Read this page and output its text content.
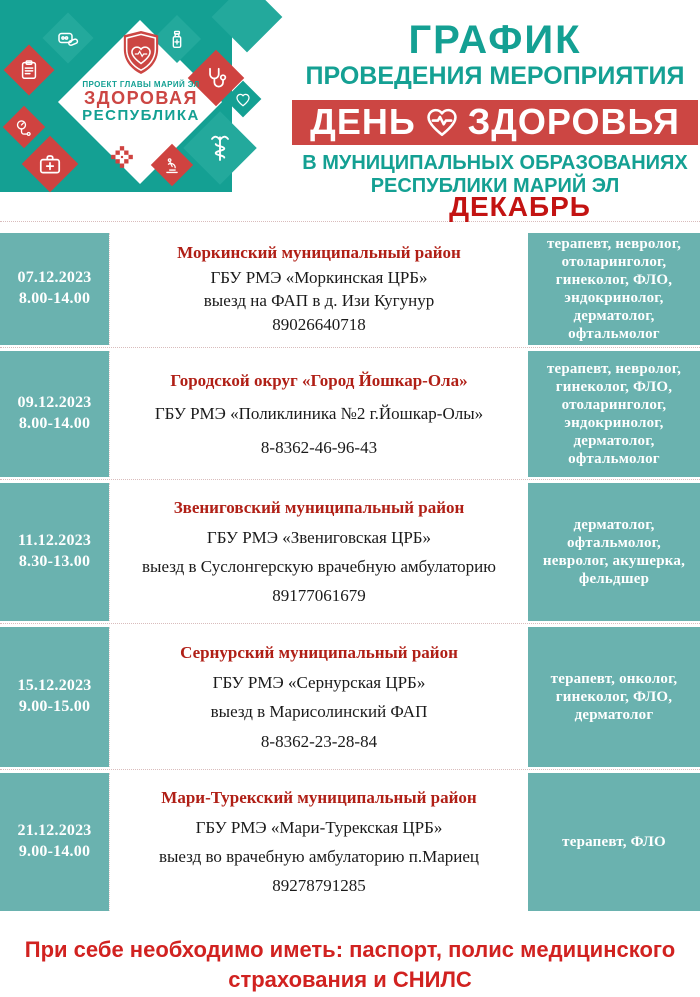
ПРОЕКТ ГЛАВЫ МАРИЙ ЭЛ
ЗДОРОВАЯ
РЕСПУБЛИКА
ГРАФИК
ПРОВЕДЕНИЯ МЕРОПРИЯТИЯ
ДЕНЬ ЗДОРОВЬЯ
В МУНИЦИПАЛЬНЫХ ОБРАЗОВАНИЯХ
РЕСПУБЛИКИ МАРИЙ ЭЛ
ДЕКАБРЬ
07.12.2023
8.00-14.00
Моркинский муниципальный район
ГБУ РМЭ «Моркинская ЦРБ»
выезд на ФАП в д. Изи Кугунур
89026640718
терапевт, невролог, отоларинголог, гинеколог, ФЛО, эндокринолог, дерматолог, офтальмолог
09.12.2023
8.00-14.00
Городской округ «Город Йошкар-Ола»
ГБУ РМЭ «Поликлиника №2 г.Йошкар-Олы»
8-8362-46-96-43
терапевт, невролог, гинеколог, ФЛО, отоларинголог, эндокринолог, дерматолог, офтальмолог
11.12.2023
8.30-13.00
Звениговский муниципальный район
ГБУ РМЭ «Звениговская ЦРБ»
выезд в Суслонгерскую врачебную амбулаторию
89177061679
дерматолог, офтальмолог, невролог, акушерка, фельдшер
15.12.2023
9.00-15.00
Сернурский муниципальный район
ГБУ РМЭ «Сернурская ЦРБ»
выезд в Марисолинский ФАП
8-8362-23-28-84
терапевт, онколог, гинеколог, ФЛО, дерматолог
21.12.2023
9.00-14.00
Мари-Турекский муниципальный район
ГБУ РМЭ «Мари-Турекская ЦРБ»
выезд во врачебную амбулаторию п.Мариец
89278791285
терапевт, ФЛО
При себе необходимо иметь: паспорт, полис медицинского
страхования и СНИЛС
